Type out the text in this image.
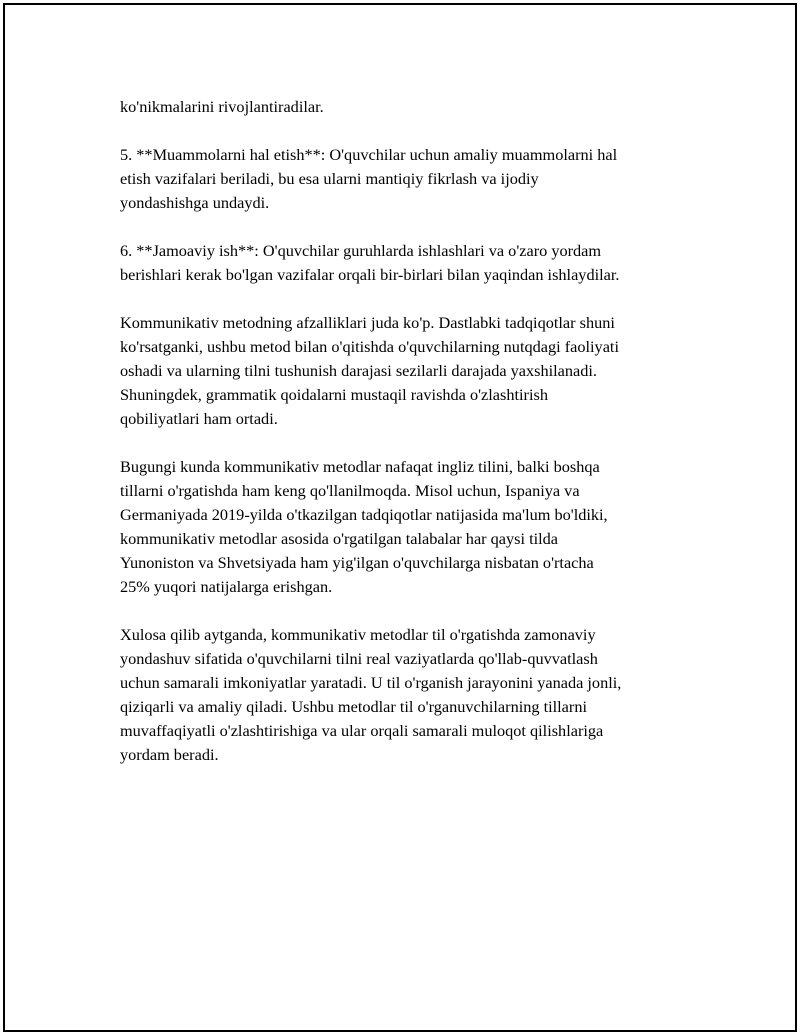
ko'nikmalarini rivojlantiradilar.

5. **Muammolarni hal etish**: O'quvchilar uchun amaliy muammolarni hal
etish vazifalari beriladi, bu esa ularni mantiqiy fikrlash va ijodiy
yondashishga undaydi.

6. **Jamoaviy ish**: O'quvchilar guruhlarda ishlashlari va o'zaro yordam
berishlari kerak bo'lgan vazifalar orqali bir-birlari bilan yaqindan ishlaydilar.

Kommunikativ metodning afzalliklari juda ko'p. Dastlabki tadqiqotlar shuni
ko'rsatganki, ushbu metod bilan o'qitishda o'quvchilarning nutqdagi faoliyati
oshadi va ularning tilni tushunish darajasi sezilarli darajada yaxshilanadi.
Shuningdek, grammatik qoidalarni mustaqil ravishda o'zlashtirish
qobiliyatlari ham ortadi.

Bugungi kunda kommunikativ metodlar nafaqat ingliz tilini, balki boshqa
tillarni o'rgatishda ham keng qo'llanilmoqda. Misol uchun, Ispaniya va
Germaniyada 2019-yilda o'tkazilgan tadqiqotlar natijasida ma'lum bo'ldiki,
kommunikativ metodlar asosida o'rgatilgan talabalar har qaysi tilda
Yunoniston va Shvetsiyada ham yig'ilgan o'quvchilarga nisbatan o'rtacha
25% yuqori natijalarga erishgan.

Xulosa qilib aytganda, kommunikativ metodlar til o'rgatishda zamonaviy
yondashuv sifatida o'quvchilarni tilni real vaziyatlarda qo'llab-quvvatlash
uchun samarali imkoniyatlar yaratadi. U til o'rganish jarayonini yanada jonli,
qiziqarli va amaliy qiladi. Ushbu metodlar til o'rganuvchilarning tillarni
muvaffaqiyatli o'zlashtirishiga va ular orqali samarali muloqot qilishlariga
yordam beradi.
